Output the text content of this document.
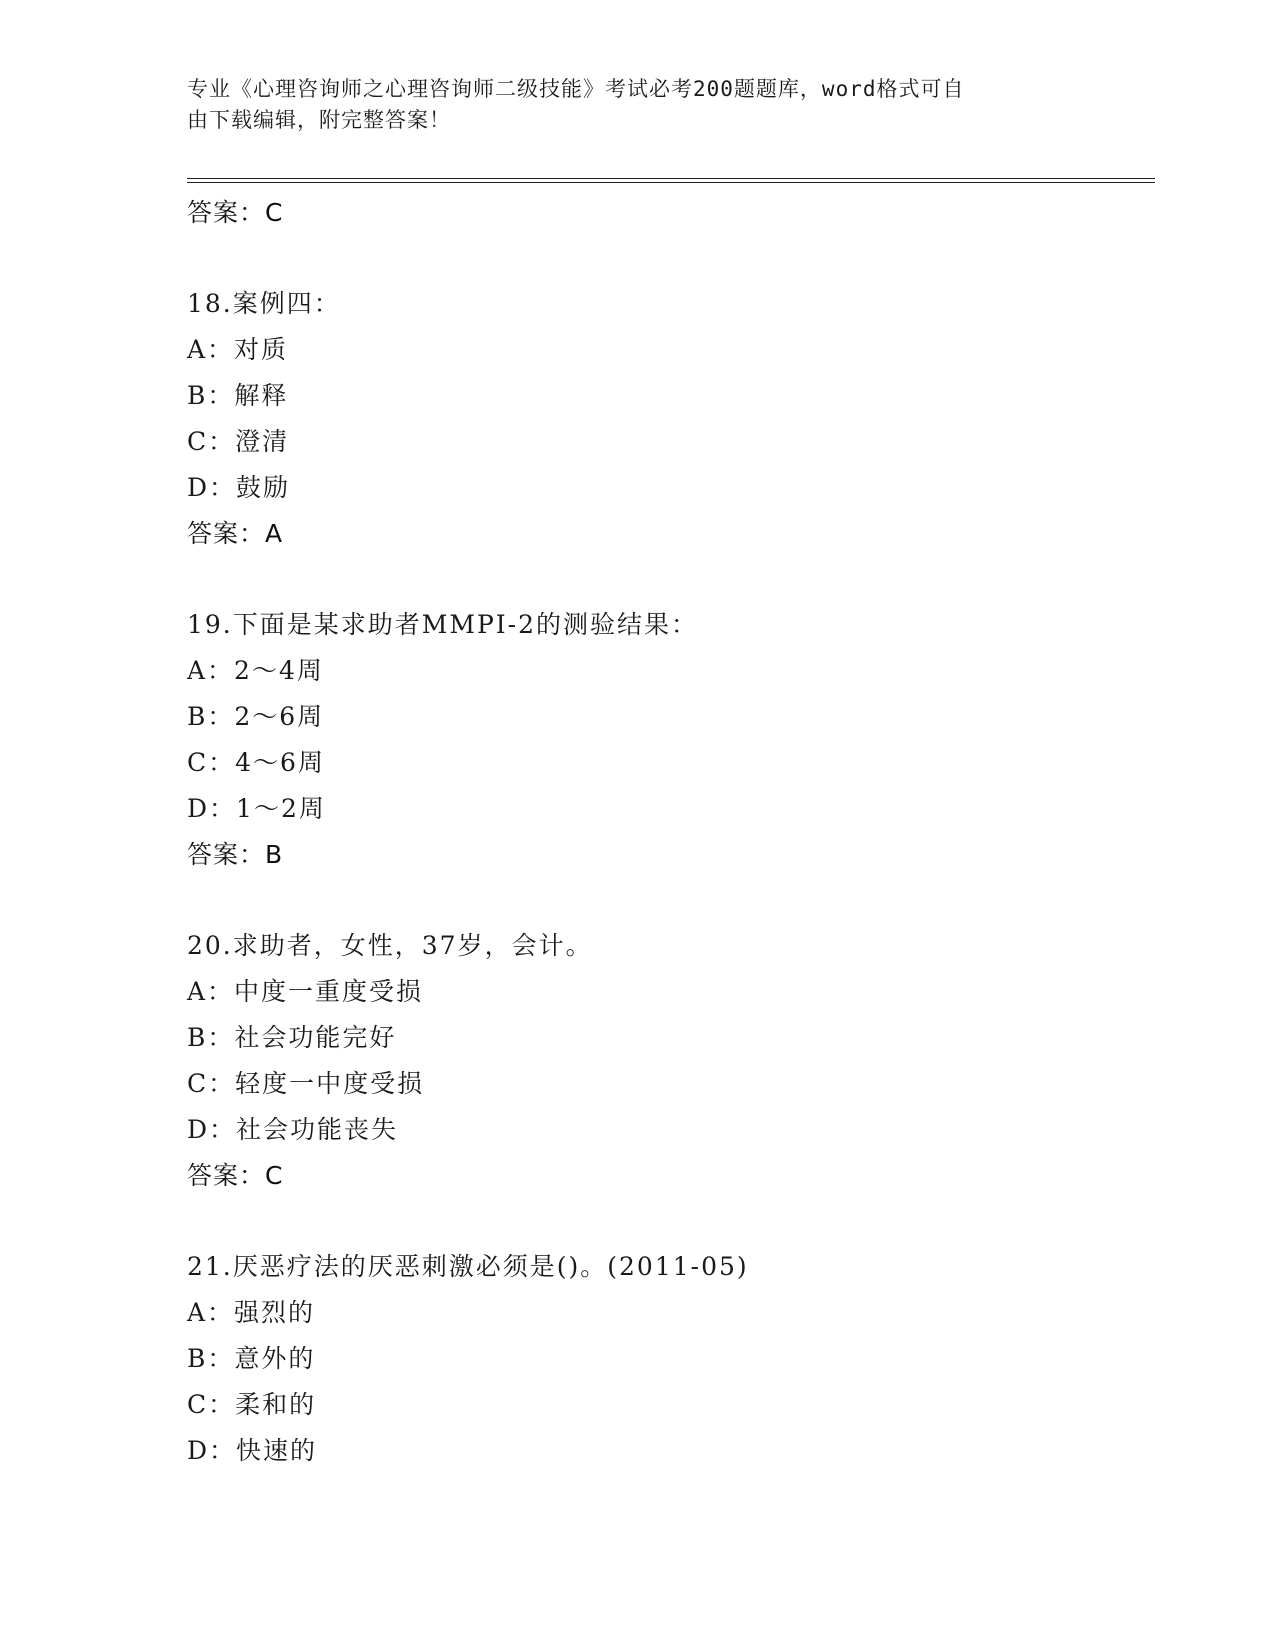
专业《心理咨询师之心理咨询师二级技能》考试必考200题题库，word格式可自
由下载编辑，附完整答案！
答案：C
18.案例四：
A：对质
B：解释
C：澄清
D：鼓励
答案：A
19.下面是某求助者MMPI-2的测验结果：
A：2～4周
B：2～6周
C：4～6周
D：1～2周
答案：B
20.求助者，女性，37岁，会计。
A：中度一重度受损
B：社会功能完好
C：轻度一中度受损
D：社会功能丧失
答案：C
21.厌恶疗法的厌恶刺激必须是()。(2011-05)
A：强烈的
B：意外的
C：柔和的
D：快速的
